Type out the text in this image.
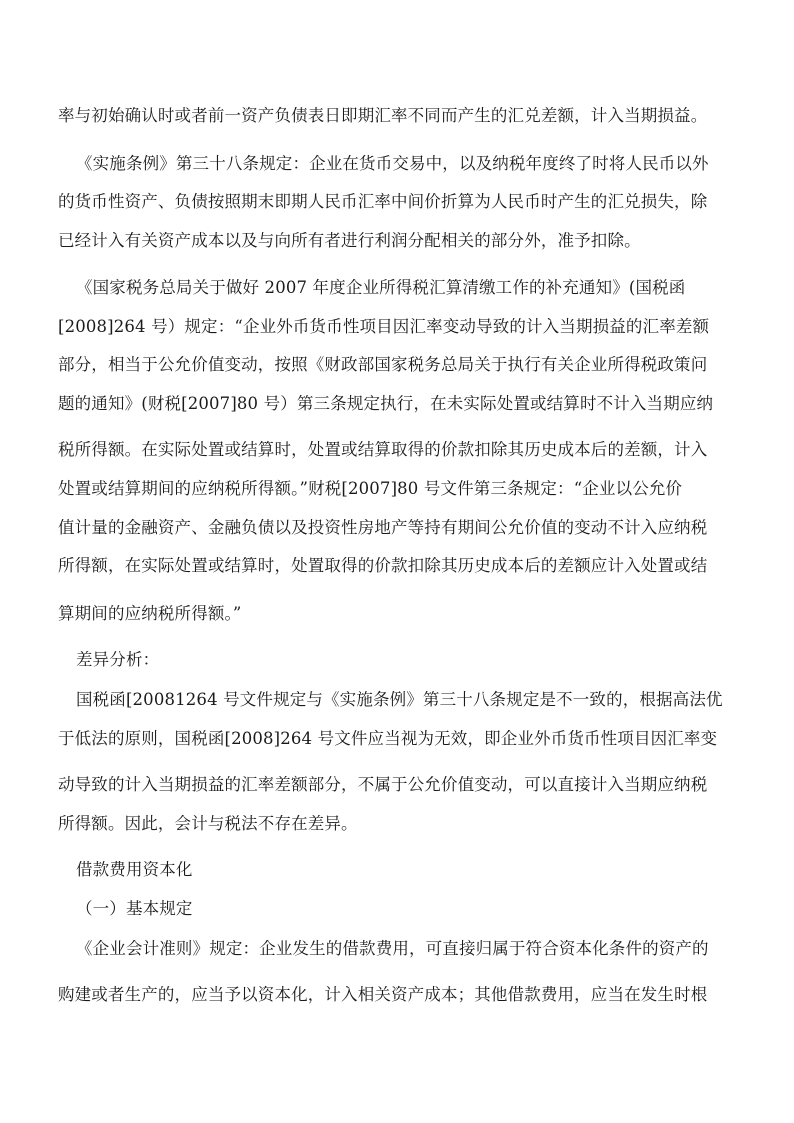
率与初始确认时或者前一资产负债表日即期汇率不同而产生的汇兑差额，计入当期损益。
《实施条例》第三十八条规定：企业在货币交易中，以及纳税年度终了时将人民币以外
的货币性资产、负债按照期末即期人民币汇率中间价折算为人民币时产生的汇兑损失，除
已经计入有关资产成本以及与向所有者进行利润分配相关的部分外，准予扣除。
《国家税务总局关于做好 2007 年度企业所得税汇算清缴工作的补充通知》(国税函
[2008]264 号）规定：“企业外币货币性项目因汇率变动导致的计入当期损益的汇率差额
部分，相当于公允价值变动，按照《财政部国家税务总局关于执行有关企业所得税政策问
题的通知》(财税[2007]80 号）第三条规定执行，在未实际处置或结算时不计入当期应纳
税所得额。在实际处置或结算时，处置或结算取得的价款扣除其历史成本后的差额，计入
处置或结算期间的应纳税所得额。”财税[2007]80 号文件第三条规定：“企业以公允价
值计量的金融资产、金融负债以及投资性房地产等持有期间公允价值的变动不计入应纳税
所得额，在实际处置或结算时，处置取得的价款扣除其历史成本后的差额应计入处置或结
算期间的应纳税所得额。”
差异分析：
国税函[20081264 号文件规定与《实施条例》第三十八条规定是不一致的，根据高法优
于低法的原则，国税函[2008]264 号文件应当视为无效，即企业外币货币性项目因汇率变
动导致的计入当期损益的汇率差额部分，不属于公允价值变动，可以直接计入当期应纳税
所得额。因此，会计与税法不存在差异。
借款费用资本化
（一）基本规定
《企业会计准则》规定：企业发生的借款费用，可直接归属于符合资本化条件的资产的
购建或者生产的，应当予以资本化，计入相关资产成本；其他借款费用，应当在发生时根
